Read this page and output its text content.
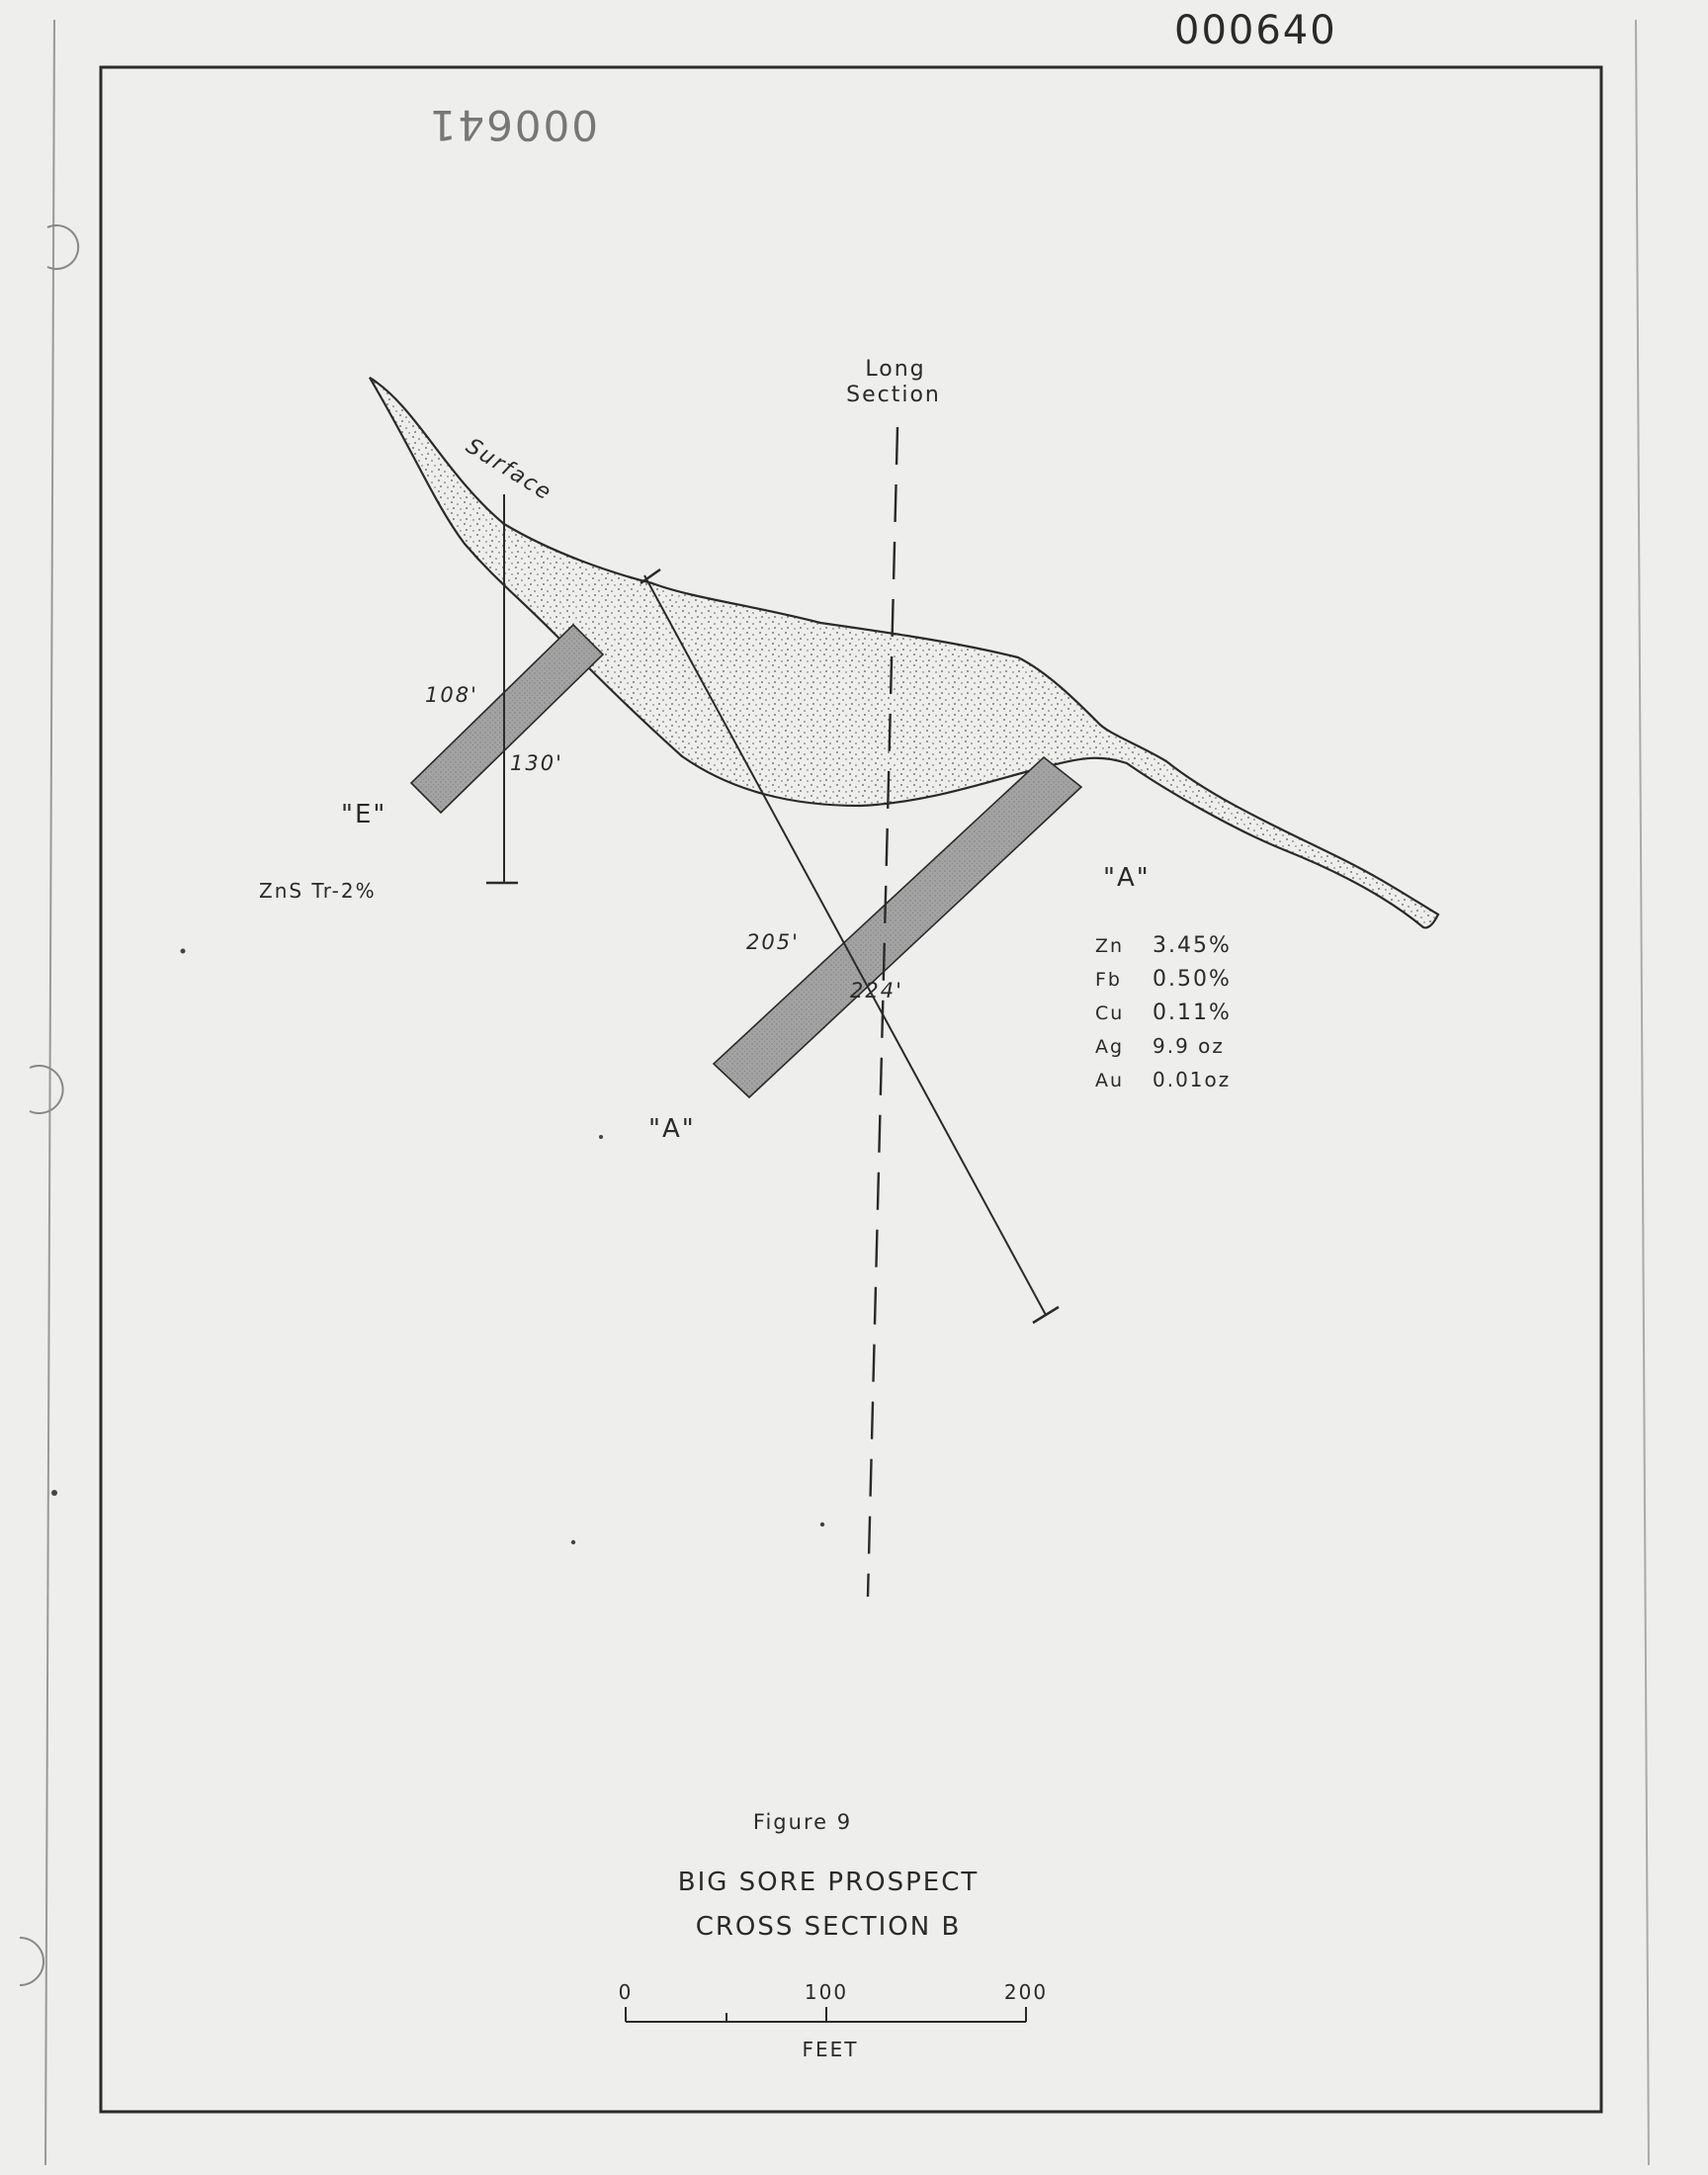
000640
000641
Long
Section
Surface
"E"
"A"
"A"
108'
130'
205'
224'
ZnS Tr-2%
Zn 3.45%
Fb 0.50%
Cu 0.11%
Ag 9.9 oz
Au 0.01oz
Figure 9
BIG SORE PROSPECT
CROSS SECTION B
0	100	200
FEET
